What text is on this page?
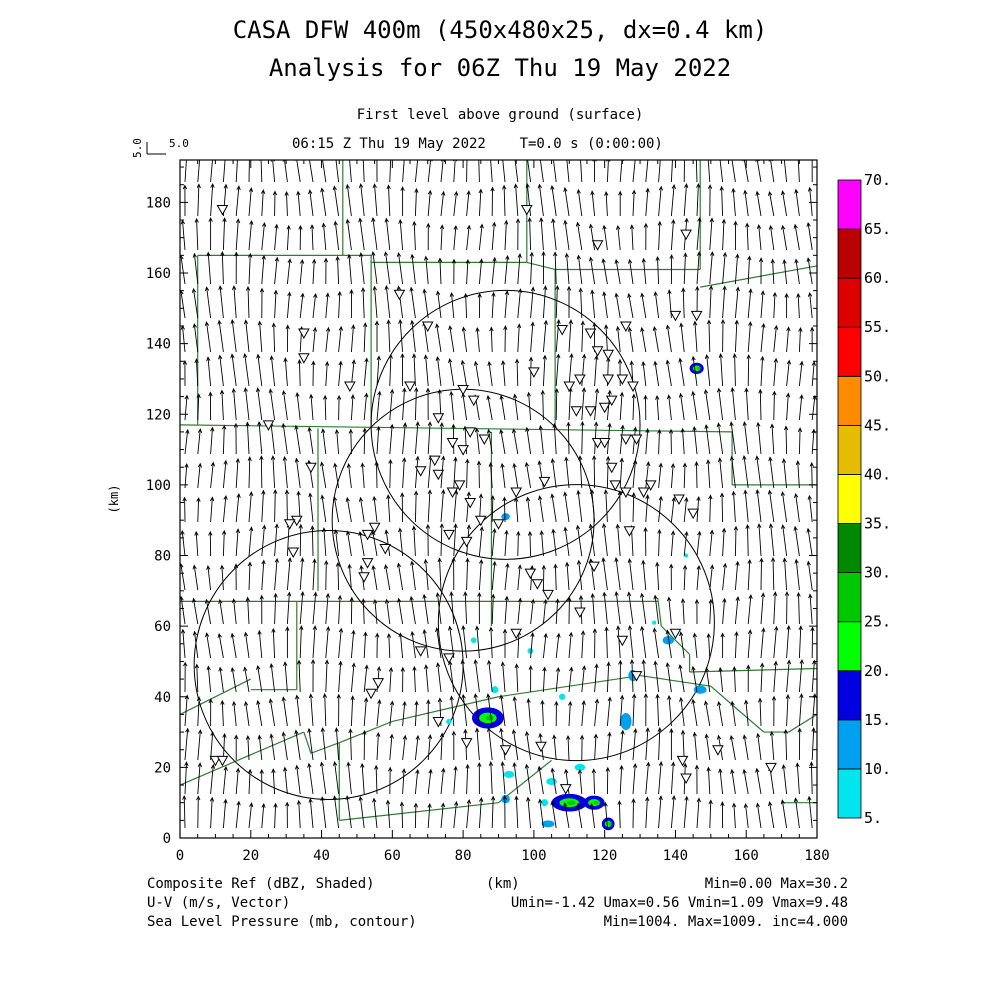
CASA DFW 400m (450x480x25, dx=0.4 km)
Analysis for 06Z Thu 19 May 2022
First level above ground (surface)
06:15 Z Thu 19 May 2022    T=0.0 s (0:00:00)
0	20	40	60	80	100	120	140	160	180
0
20
40
60
80
100
120
140
160
180
(km)
5.0 5.0
5.
10.
15.
20.
25.
30.
35.
40.
45.
50.
55.
60.
65.
70.
Composite Ref (dBZ, Shaded)
U-V (m/s, Vector)
Sea Level Pressure (mb, contour)
(km)	Min=0.00 Max=30.2
Umin=-1.42 Umax=0.56 Vmin=1.09 Vmax=9.48
Min=1004. Max=1009. inc=4.000
